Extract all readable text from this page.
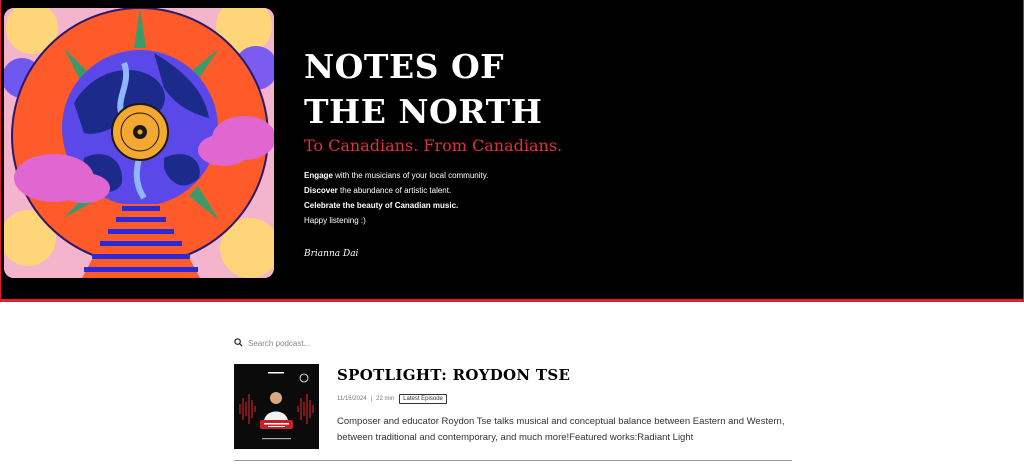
NOTES OF
THE NORTH
To Canadians. From Canadians.
Engage with the musicians of your local community.
Discover the abundance of artistic talent.
Celebrate the beauty of Canadian music.
Happy listening :)
Brianna Dai
Search podcast...
SPOTLIGHT: ROYDON TSE
11/16/2024 | 22 min	Latest Episode
Composer and educator Roydon Tse talks musical and conceptual balance between Eastern and Western, between traditional and contemporary, and much more!Featured works:Radiant Light
